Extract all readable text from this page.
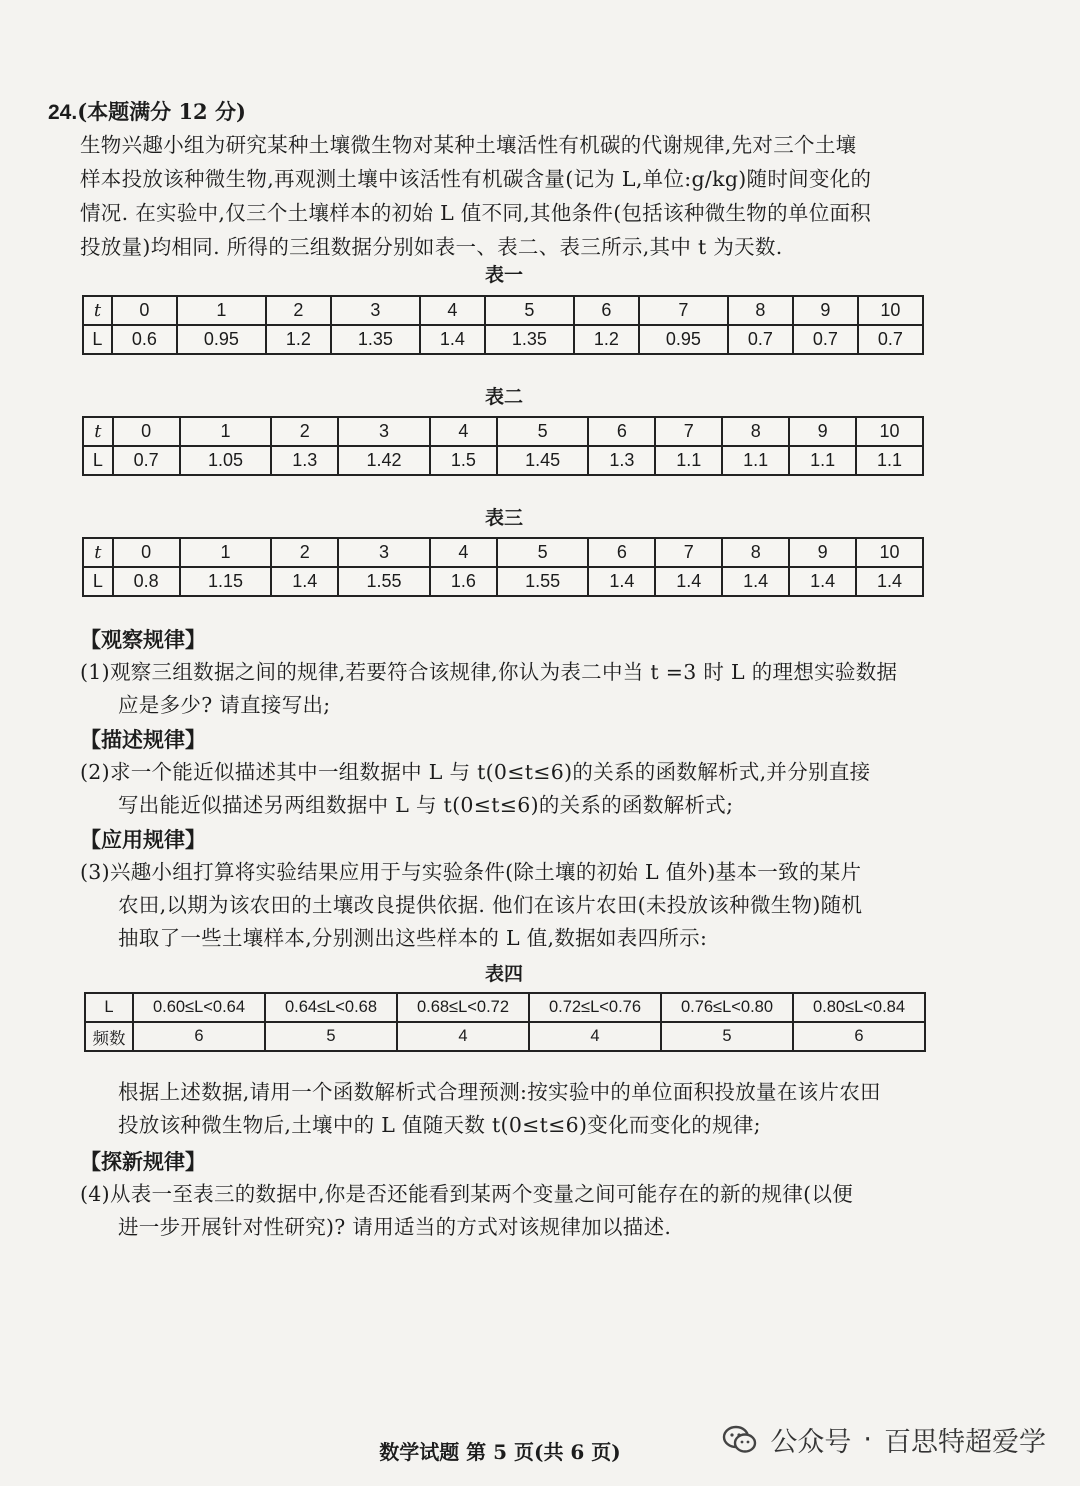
24.(本题满分 12 分)

生物兴趣小组为研究某种土壤微生物对某种土壤活性有机碳的代谢规律,先对三个土壤

样本投放该种微生物,再观测土壤中该活性有机碳含量(记为 L,单位:g/kg)随时间变化的

情况. 在实验中,仅三个土壤样本的初始 L 值不同,其他条件(包括该种微生物的单位面积

投放量)均相同. 所得的三组数据分别如表一、表二、表三所示,其中 t 为天数.

表一
t	0	1	2	3	4	5	6	7	8	9	10
L	0.6	0.95	1.2	1.35	1.4	1.35	1.2	0.95	0.7	0.7	0.7
表二
t	0	1	2	3	4	5	6	7	8	9	10
L	0.7	1.05	1.3	1.42	1.5	1.45	1.3	1.1	1.1	1.1	1.1
表三
t	0	1	2	3	4	5	6	7	8	9	10
L	0.8	1.15	1.4	1.55	1.6	1.55	1.4	1.4	1.4	1.4	1.4
【观察规律】

(1)观察三组数据之间的规律,若要符合该规律,你认为表二中当 t =3 时 L 的理想实验数据

应是多少? 请直接写出;

【描述规律】

(2)求一个能近似描述其中一组数据中 L 与 t(0≤t≤6)的关系的函数解析式,并分别直接

写出能近似描述另两组数据中 L 与 t(0≤t≤6)的关系的函数解析式;

【应用规律】

(3)兴趣小组打算将实验结果应用于与实验条件(除土壤的初始 L 值外)基本一致的某片

农田,以期为该农田的土壤改良提供依据. 他们在该片农田(未投放该种微生物)随机

抽取了一些土壤样本,分别测出这些样本的 L 值,数据如表四所示:

表四
L	0.60≤L<0.64	0.64≤L<0.68	0.68≤L<0.72	0.72≤L<0.76	0.76≤L<0.80	0.80≤L<0.84
频数	6	5	4	4	5	6

根据上述数据,请用一个函数解析式合理预测:按实验中的单位面积投放量在该片农田

投放该种微生物后,土壤中的 L 值随天数 t(0≤t≤6)变化而变化的规律;

【探新规律】

(4)从表一至表三的数据中,你是否还能看到某两个变量之间可能存在的新的规律(以便

进一步开展针对性研究)? 请用适当的方式对该规律加以描述.

数学试题 第 5 页(共 6 页)	公众号 · 百思特超爱学
